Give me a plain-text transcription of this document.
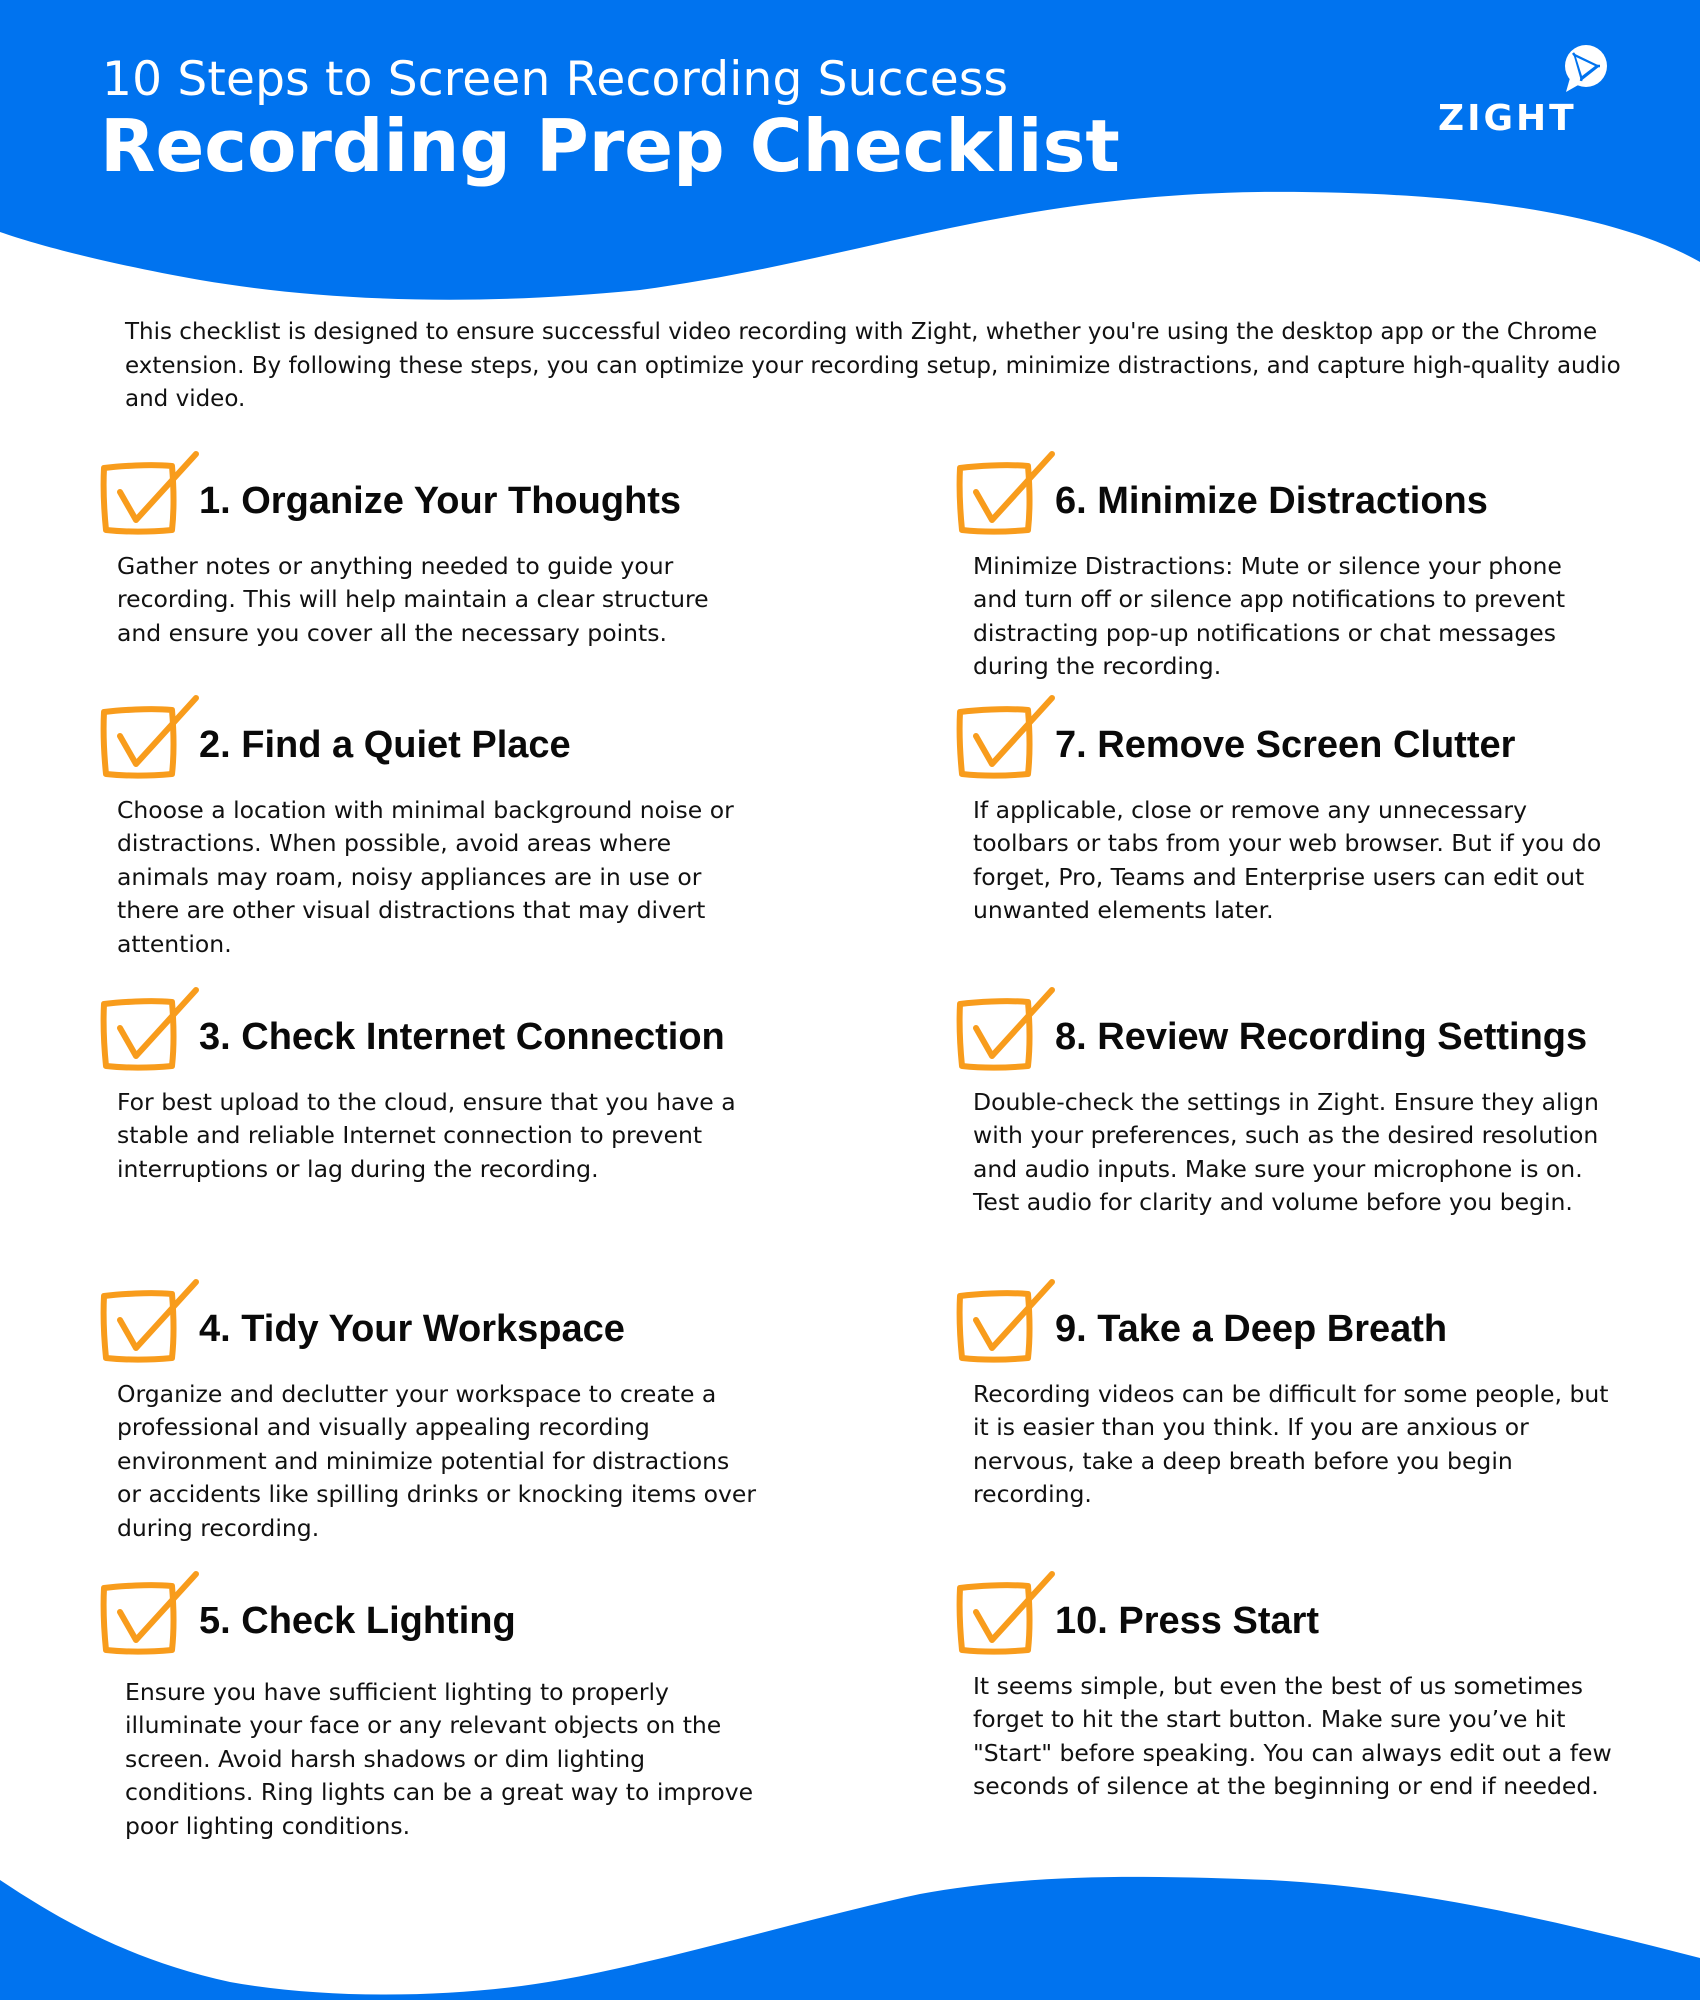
10 Steps to Screen Recording Success
Recording Prep Checklist	ZIGHT

This checklist is designed to ensure successful video recording with Zight, whether you're using the desktop app or the Chrome extension. By following these steps, you can optimize your recording setup, minimize distractions, and capture high-quality audio and video.

1. Organize Your Thoughts

Gather notes or anything needed to guide your recording. This will help maintain a clear structure and ensure you cover all the necessary points.

2. Find a Quiet Place

Choose a location with minimal background noise or distractions. When possible, avoid areas where animals may roam, noisy appliances are in use or there are other visual distractions that may divert attention.

3. Check Internet Connection

For best upload to the cloud, ensure that you have a stable and reliable Internet connection to prevent interruptions or lag during the recording.

4. Tidy Your Workspace

Organize and declutter your workspace to create a professional and visually appealing recording environment and minimize potential for distractions or accidents like spilling drinks or knocking items over during recording.

5. Check Lighting

Ensure you have sufficient lighting to properly illuminate your face or any relevant objects on the screen. Avoid harsh shadows or dim lighting conditions. Ring lights can be a great way to improve poor lighting conditions.

6. Minimize Distractions

Minimize Distractions: Mute or silence your phone and turn off or silence app notifications to prevent distracting pop-up notifications or chat messages during the recording.

7. Remove Screen Clutter

If applicable, close or remove any unnecessary toolbars or tabs from your web browser. But if you do forget, Pro, Teams and Enterprise users can edit out unwanted elements later.

8. Review Recording Settings

Double-check the settings in Zight. Ensure they align with your preferences, such as the desired resolution and audio inputs. Make sure your microphone is on. Test audio for clarity and volume before you begin.

9. Take a Deep Breath

Recording videos can be difficult for some people, but it is easier than you think. If you are anxious or nervous, take a deep breath before you begin recording.

10. Press Start

It seems simple, but even the best of us sometimes forget to hit the start button. Make sure you’ve hit "Start" before speaking. You can always edit out a few seconds of silence at the beginning or end if needed.
